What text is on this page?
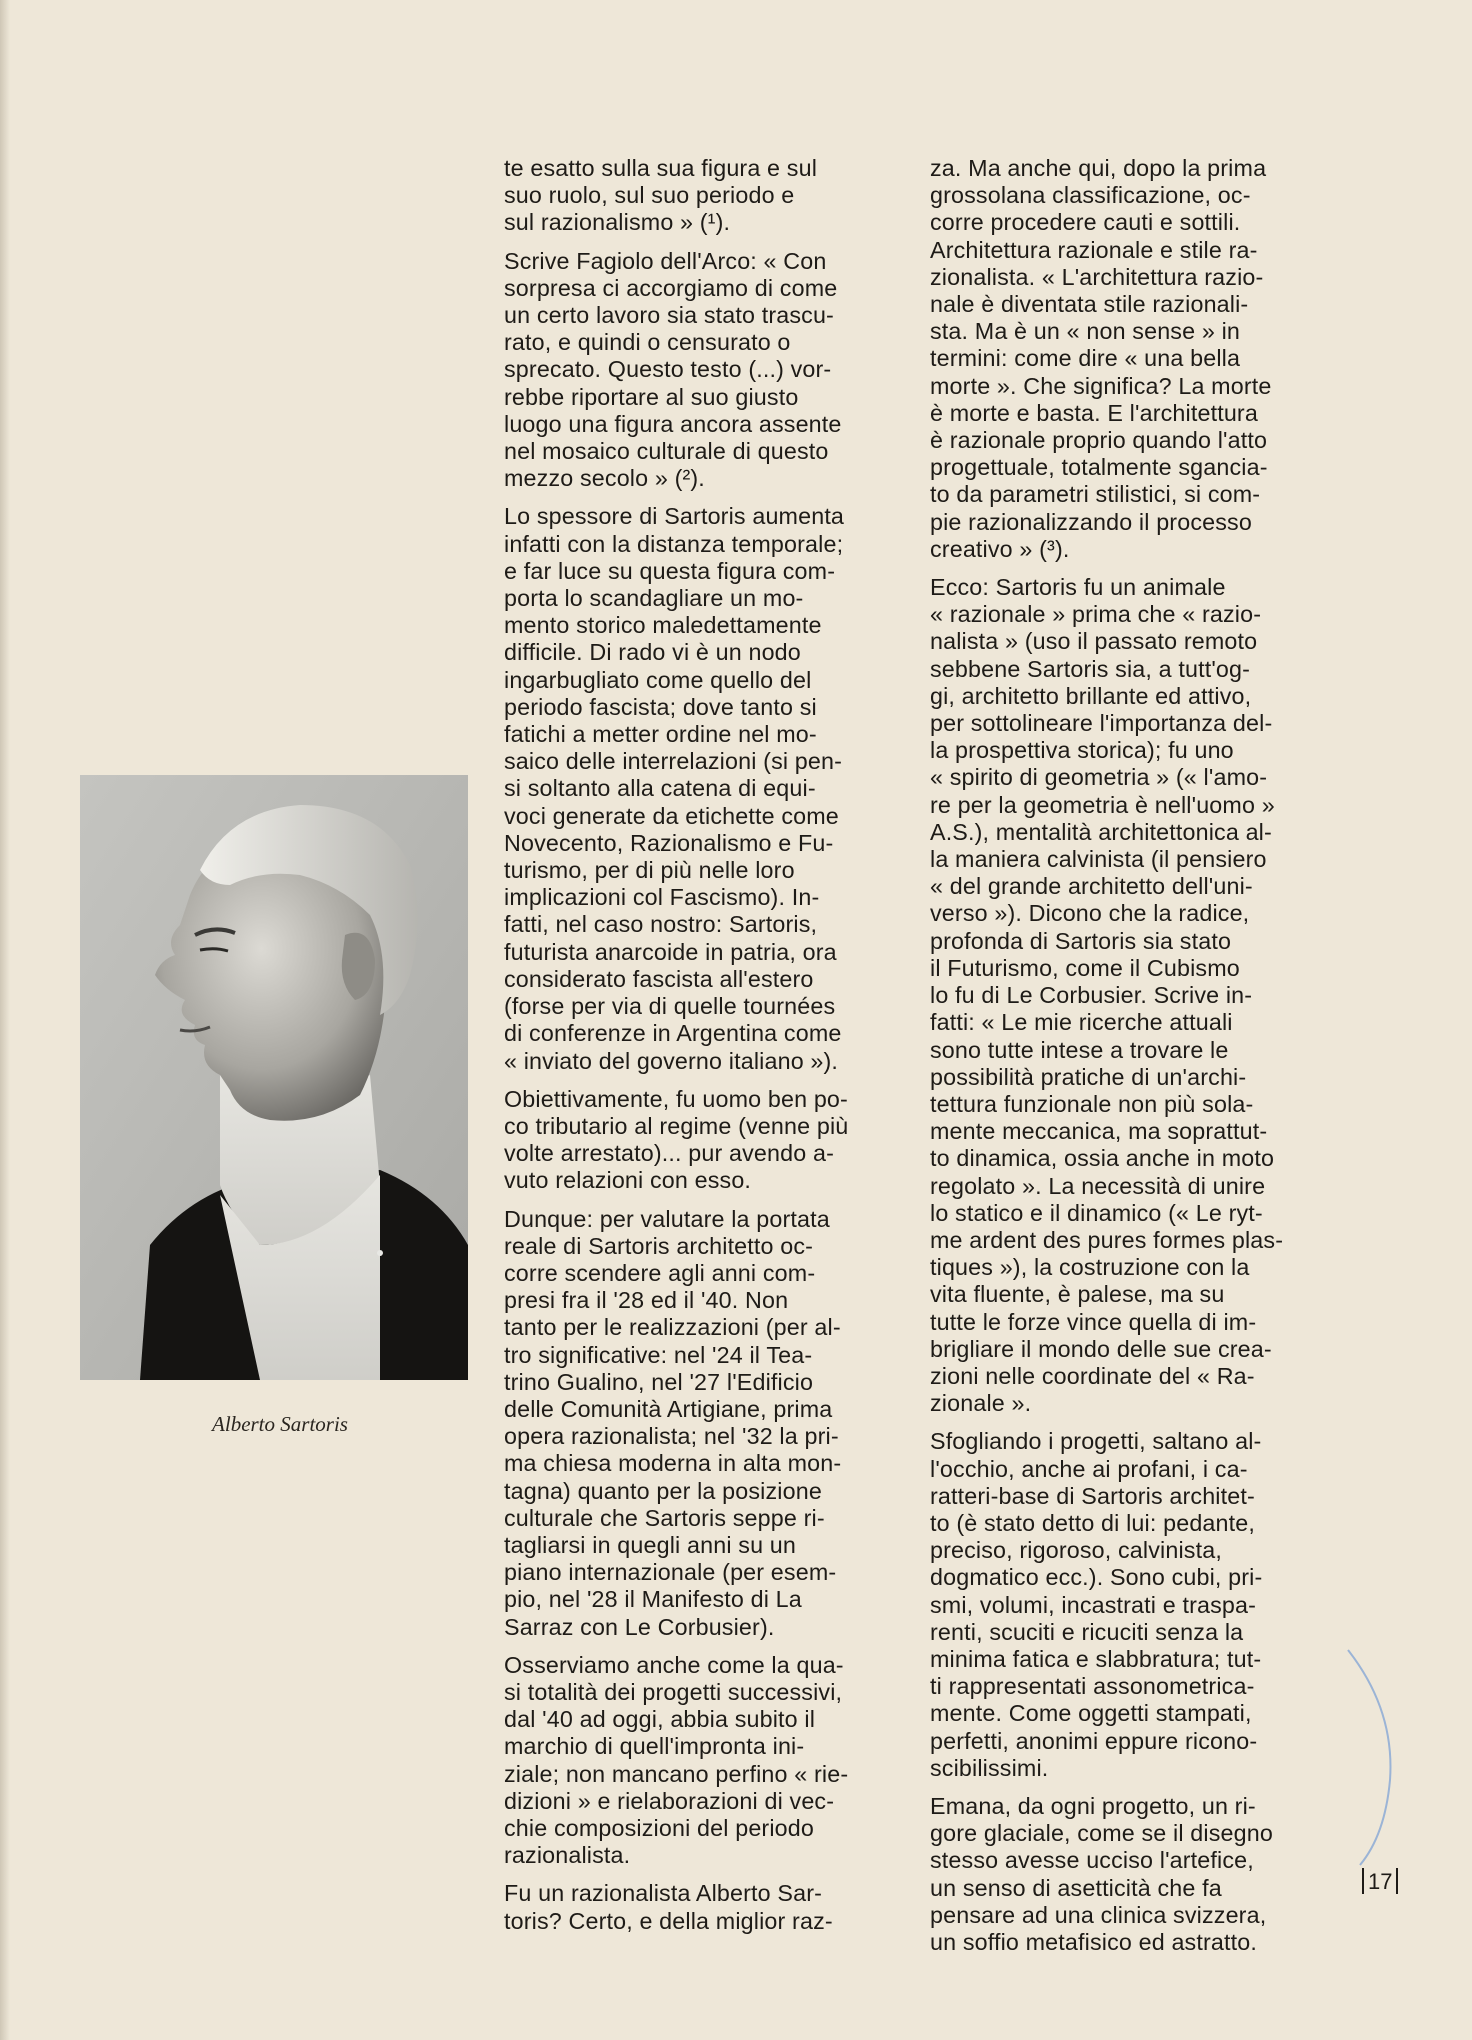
Alberto Sartoris

te esatto sulla sua figura e sul
suo ruolo, sul suo periodo e
sul razionalismo » (¹).

Scrive Fagiolo dell'Arco: « Con
sorpresa ci accorgiamo di come
un certo lavoro sia stato trascu-
rato, e quindi o censurato o
sprecato. Questo testo (...) vor-
rebbe riportare al suo giusto
luogo una figura ancora assente
nel mosaico culturale di questo
mezzo secolo » (²).

Lo spessore di Sartoris aumenta
infatti con la distanza temporale;
e far luce su questa figura com-
porta lo scandagliare un mo-
mento storico maledettamente
difficile. Di rado vi è un nodo
ingarbugliato come quello del
periodo fascista; dove tanto si
fatichi a metter ordine nel mo-
saico delle interrelazioni (si pen-
si soltanto alla catena di equi-
voci generate da etichette come
Novecento, Razionalismo e Fu-
turismo, per di più nelle loro
implicazioni col Fascismo). In-
fatti, nel caso nostro: Sartoris,
futurista anarcoide in patria, ora
considerato fascista all'estero
(forse per via di quelle tournées
di conferenze in Argentina come
« inviato del governo italiano »).

Obiettivamente, fu uomo ben po-
co tributario al regime (venne più
volte arrestato)... pur avendo a-
vuto relazioni con esso.

Dunque: per valutare la portata
reale di Sartoris architetto oc-
corre scendere agli anni com-
presi fra il '28 ed il '40. Non
tanto per le realizzazioni (per al-
tro significative: nel '24 il Tea-
trino Gualino, nel '27 l'Edificio
delle Comunità Artigiane, prima
opera razionalista; nel '32 la pri-
ma chiesa moderna in alta mon-
tagna) quanto per la posizione
culturale che Sartoris seppe ri-
tagliarsi in quegli anni su un
piano internazionale (per esem-
pio, nel '28 il Manifesto di La
Sarraz con Le Corbusier).

Osserviamo anche come la qua-
si totalità dei progetti successivi,
dal '40 ad oggi, abbia subito il
marchio di quell'impronta ini-
ziale; non mancano perfino « rie-
dizioni » e rielaborazioni di vec-
chie composizioni del periodo
razionalista.

Fu un razionalista Alberto Sar-
toris? Certo, e della miglior raz-

za. Ma anche qui, dopo la prima
grossolana classificazione, oc-
corre procedere cauti e sottili.
Architettura razionale e stile ra-
zionalista. « L'architettura razio-
nale è diventata stile razionali-
sta. Ma è un « non sense » in
termini: come dire « una bella
morte ». Che significa? La morte
è morte e basta. E l'architettura
è razionale proprio quando l'atto
progettuale, totalmente sgancia-
to da parametri stilistici, si com-
pie razionalizzando il processo
creativo » (³).

Ecco: Sartoris fu un animale
« razionale » prima che « razio-
nalista » (uso il passato remoto
sebbene Sartoris sia, a tutt'og-
gi, architetto brillante ed attivo,
per sottolineare l'importanza del-
la prospettiva storica); fu uno
« spirito di geometria » (« l'amo-
re per la geometria è nell'uomo »
A.S.), mentalità architettonica al-
la maniera calvinista (il pensiero
« del grande architetto dell'uni-
verso »). Dicono che la radice,
profonda di Sartoris sia stato
il Futurismo, come il Cubismo
lo fu di Le Corbusier. Scrive in-
fatti: « Le mie ricerche attuali
sono tutte intese a trovare le
possibilità pratiche di un'archi-
tettura funzionale non più sola-
mente meccanica, ma soprattut-
to dinamica, ossia anche in moto
regolato ». La necessità di unire
lo statico e il dinamico (« Le ryt-
me ardent des pures formes plas-
tiques »), la costruzione con la
vita fluente, è palese, ma su
tutte le forze vince quella di im-
brigliare il mondo delle sue crea-
zioni nelle coordinate del « Ra-
zionale ».

Sfogliando i progetti, saltano al-
l'occhio, anche ai profani, i ca-
ratteri-base di Sartoris architet-
to (è stato detto di lui: pedante,
preciso, rigoroso, calvinista,
dogmatico ecc.). Sono cubi, pri-
smi, volumi, incastrati e traspa-
renti, scuciti e ricuciti senza la
minima fatica e slabbratura; tut-
ti rappresentati assonometrica-
mente. Come oggetti stampati,
perfetti, anonimi eppure ricono-
scibilissimi.

Emana, da ogni progetto, un ri-
gore glaciale, come se il disegno
stesso avesse ucciso l'artefice,
un senso di asetticità che fa
pensare ad una clinica svizzera,
un soffio metafisico ed astratto.

17
